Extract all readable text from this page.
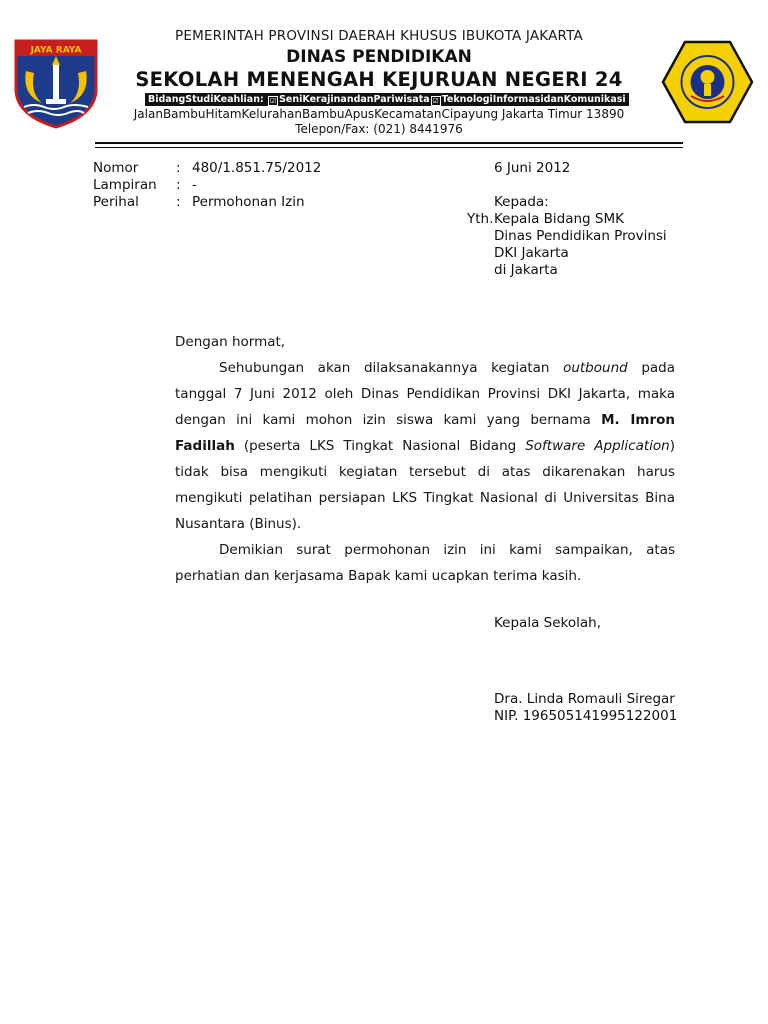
JAYA RAYA
PEMERINTAH PROVINSI DAERAH KHUSUS IBUKOTA JAKARTA
DINAS PENDIDIKAN
SEKOLAH MENENGAH KEJURUAN NEGERI 24
BidangStudiKeahlian: ☑ SeniKerajinandanPariwisata ☑ TeknologiInformasidanKomunikasi
JalanBambuHitamKelurahanBambuApusKecamatanCipayung Jakarta Timur 13890
Telepon/Fax: (021) 8441976
Nomor	: 480/1.851.75/2012
Lampiran : -
Perihal	: Permohonan Izin
6 Juni 2012
Kepada:
Yth. Kepala Bidang SMK
Dinas Pendidikan Provinsi
DKI Jakarta
di Jakarta

Dengan hormat,

Sehubungan akan dilaksanakannya kegiatan outbound pada tanggal 7 Juni 2012 oleh Dinas Pendidikan Provinsi DKI Jakarta, maka dengan ini kami mohon izin siswa kami yang bernama M. Imron Fadillah (peserta LKS Tingkat Nasional Bidang Software Application) tidak bisa mengikuti kegiatan tersebut di atas dikarenakan harus mengikuti pelatihan persiapan LKS Tingkat Nasional di Universitas Bina Nusantara (Binus).

Demikian surat permohonan izin ini kami sampaikan, atas perhatian dan kerjasama Bapak kami ucapkan terima kasih.

Kepala Sekolah,
Dra. Linda Romauli Siregar
NIP. 196505141995122001
